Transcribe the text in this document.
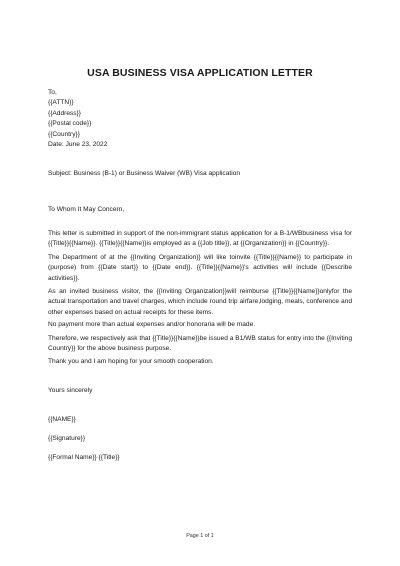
USA BUSINESS VISA APPLICATION LETTER
To,
{{ATTN}}
{{Address}}
{{Postal code}}
{{Country}}
Date: June 23, 2022
Subject: Business (B-1) or Business Waiver (WB) Visa application
To Whom It May Concern,
This letter is submitted in support of the non-immigrant status application for a B-1/WBbusiness visa for {{Title}}{{Name}}. {{Title}}{{Name}}is employed as a {{Job title}}, at {{Organization}} in {{Country}}.
The Department of at the {{Inviting Organization}} will like toinvite {{Title}}{{Name}} to participate in (purpose) from {{Date start}} to {{Date end}}. {{Title}}{{Name}}'s activities will include {{Describe activities}}.
As an invited business visitor, the {{Inviting Organization}}will reimburse {{Title}}{{Name}}onlyfor the actual transportation and travel charges, which include round trip airfare,lodging, meals, conference and other expenses based on actual receipts for these items.
No payment more than actual expenses and/or honoraria will be made.
Therefore, we respectively ask that {{Title}}{{Name}}be issued a B1/WB status for entry into the {{Inviting Country}} for the above business purpose.
Thank you and I am hoping for your smooth cooperation.
Yours sincerely
{{NAME}}
{{Signature}}
{{Formal Name}} {{Title}}
Page 1 of 1
